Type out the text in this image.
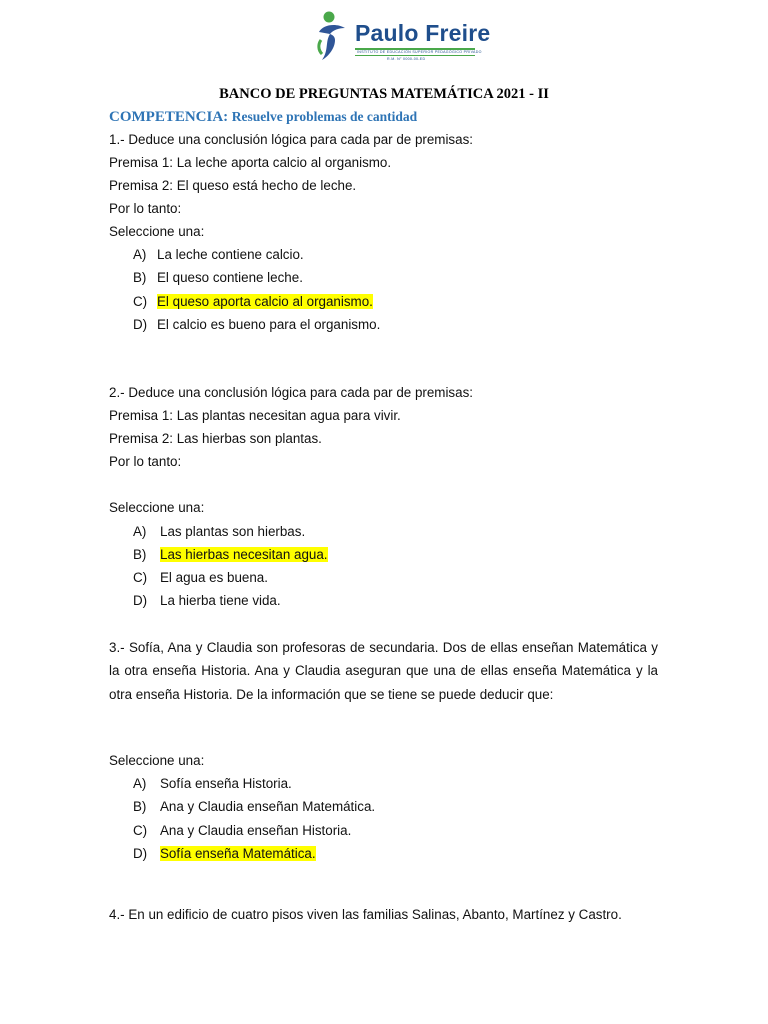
Paulo Freire
INSTITUTO DE EDUCACIÓN SUPERIOR PEDAGÓGICO PRIVADO
R.M. N° 0000-00-ED
BANCO DE PREGUNTAS MATEMÁTICA 2021 - II
COMPETENCIA: Resuelve problemas de cantidad
1.- Deduce una conclusión lógica para cada par de premisas:
Premisa 1: La leche aporta calcio al organismo.
Premisa 2: El queso está hecho de leche.
Por lo tanto:
Seleccione una:
A) La leche contiene calcio.
B) El queso contiene leche.
C) El queso aporta calcio al organismo.
D) El calcio es bueno para el organismo.
2.- Deduce una conclusión lógica para cada par de premisas:
Premisa 1: Las plantas necesitan agua para vivir.
Premisa 2: Las hierbas son plantas.
Por lo tanto:
Seleccione una:
A) Las plantas son hierbas.
B) Las hierbas necesitan agua.
C) El agua es buena.
D) La hierba tiene vida.
3.- Sofía, Ana y Claudia son profesoras de secundaria. Dos de ellas enseñan Matemática y la otra enseña Historia. Ana y Claudia aseguran que una de ellas enseña Matemática y la otra enseña Historia. De la información que se tiene se puede deducir que:
Seleccione una:
A) Sofía enseña Historia.
B) Ana y Claudia enseñan Matemática.
C) Ana y Claudia enseñan Historia.
D) Sofía enseña Matemática.
4.- En un edificio de cuatro pisos viven las familias Salinas, Abanto, Martínez y Castro.
